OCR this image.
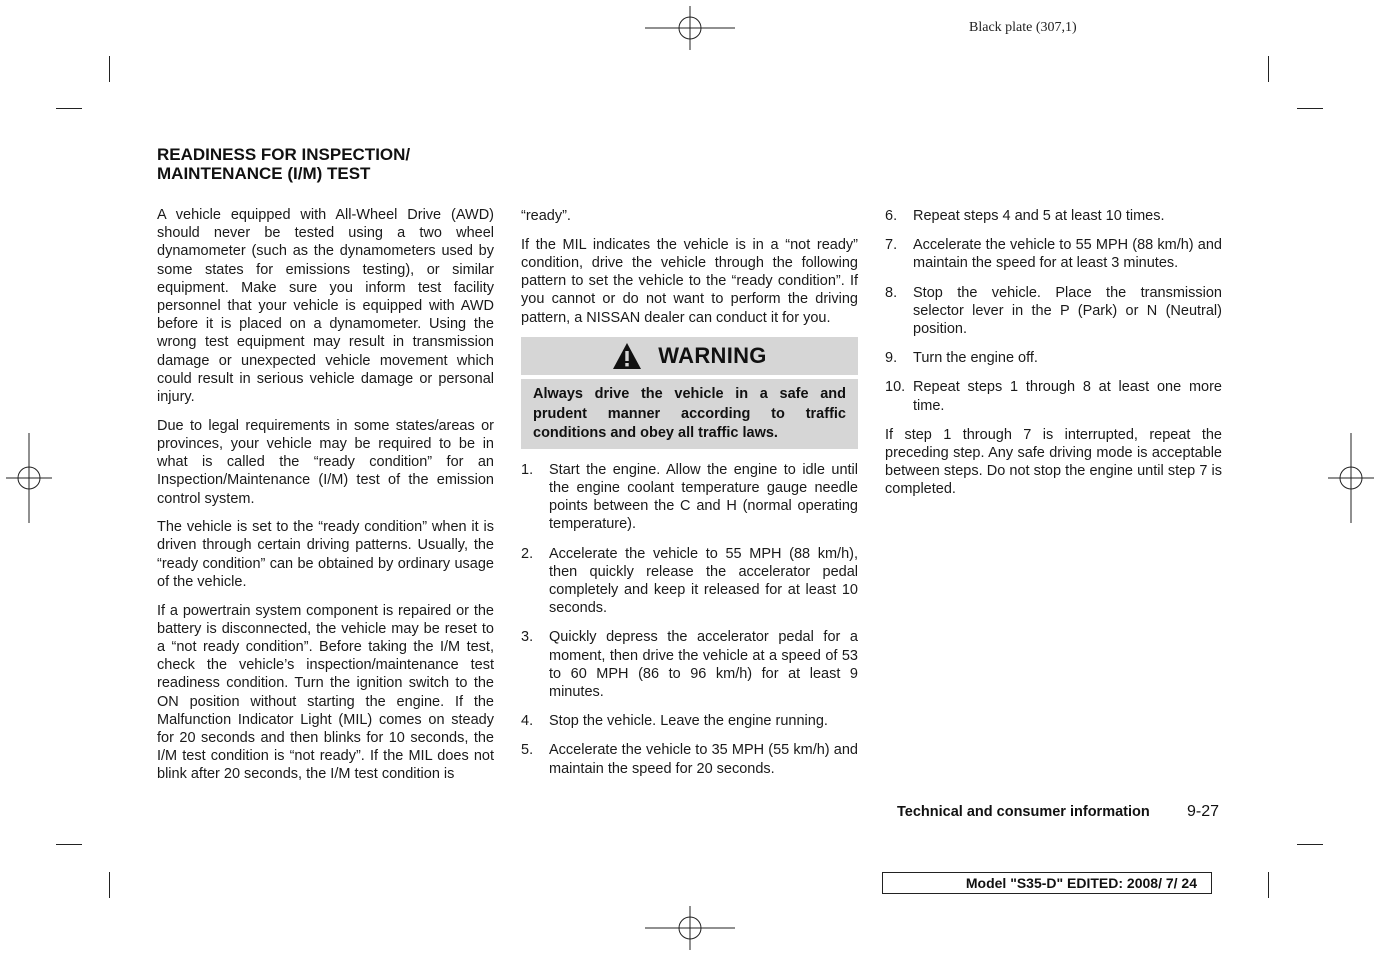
Black plate (307,1)
READINESS FOR INSPECTION/
MAINTENANCE (I/M) TEST

A vehicle equipped with All-Wheel Drive (AWD) should never be tested using a two wheel dynamometer (such as the dynamometers used by some states for emissions testing), or similar equipment. Make sure you inform test facility personnel that your vehicle is equipped with AWD before it is placed on a dynamometer. Using the wrong test equipment may result in transmission damage or unexpected vehicle movement which could result in serious vehicle damage or personal injury.

Due to legal requirements in some states/areas or provinces, your vehicle may be required to be in what is called the “ready condition” for an Inspection/Maintenance (I/M) test of the emission control system.

The vehicle is set to the “ready condition” when it is driven through certain driving patterns. Usually, the “ready condition” can be obtained by ordinary usage of the vehicle.

If a powertrain system component is repaired or the battery is disconnected, the vehicle may be reset to a “not ready condition”. Before taking the I/M test, check the vehicle’s inspection/maintenance test readiness condition. Turn the ignition switch to the ON position without starting the engine. If the Malfunction Indicator Light (MIL) comes on steady for 20 seconds and then blinks for 10 seconds, the I/M test condition is “not ready”. If the MIL does not blink after 20 seconds, the I/M test condition is

“ready”.

If the MIL indicates the vehicle is in a “not ready” condition, drive the vehicle through the following pattern to set the vehicle to the “ready condition”. If you cannot or do not want to perform the driving pattern, a NISSAN dealer can conduct it for you.

WARNING
Always drive the vehicle in a safe and prudent manner according to traffic conditions and obey all traffic laws.
1. Start the engine. Allow the engine to idle until the engine coolant temperature gauge needle points between the C and H (normal operating temperature).
2. Accelerate the vehicle to 55 MPH (88 km/h), then quickly release the accelerator pedal completely and keep it released for at least 10 seconds.
3. Quickly depress the accelerator pedal for a moment, then drive the vehicle at a speed of 53 to 60 MPH (86 to 96 km/h) for at least 9 minutes.
4. Stop the vehicle. Leave the engine running.
5. Accelerate the vehicle to 35 MPH (55 km/h) and maintain the speed for 20 seconds.
6. Repeat steps 4 and 5 at least 10 times.
7. Accelerate the vehicle to 55 MPH (88 km/h) and maintain the speed for at least 3 minutes.
8. Stop the vehicle. Place the transmission selector lever in the P (Park) or N (Neutral) position.
9. Turn the engine off.
10. Repeat steps 1 through 8 at least one more time.

If step 1 through 7 is interrupted, repeat the preceding step. Any safe driving mode is acceptable between steps. Do not stop the engine until step 7 is completed.

Technical and consumer information 9-27
Model "S35-D" EDITED: 2008/ 7/ 24
